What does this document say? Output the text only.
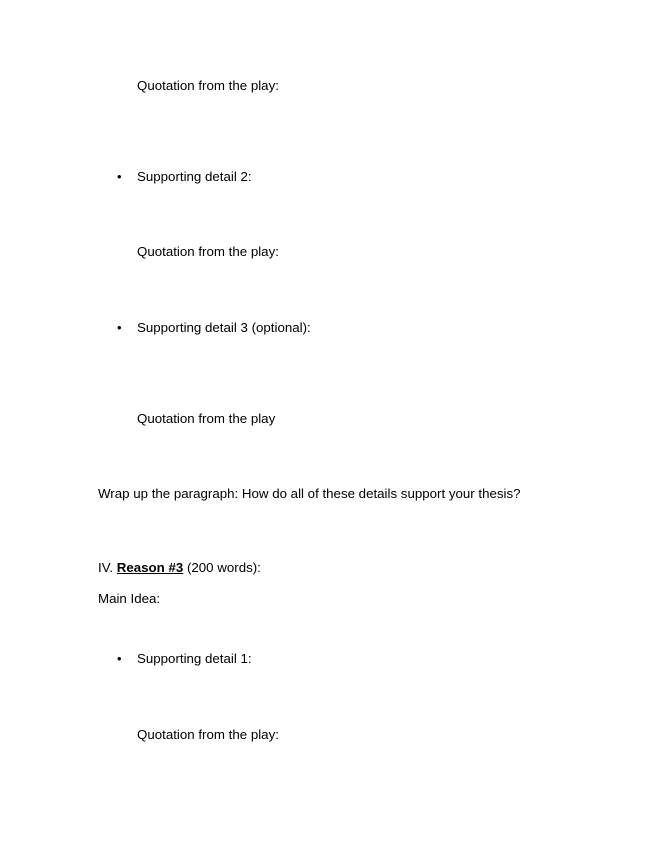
Quotation from the play:
• Supporting detail 2:
Quotation from the play:
• Supporting detail 3 (optional):
Quotation from the play
Wrap up the paragraph: How do all of these details support your thesis?
IV. Reason #3 (200 words):
Main Idea:
• Supporting detail 1:
Quotation from the play:
